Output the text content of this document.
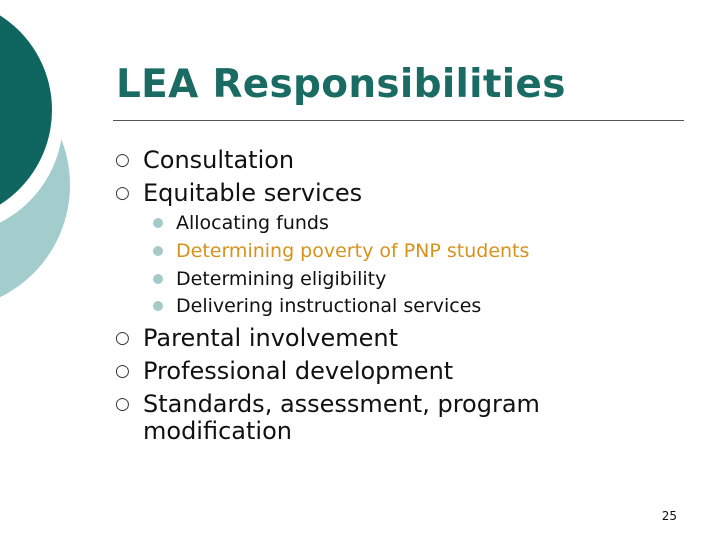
LEA Responsibilities
○ Consultation
○ Equitable services
Allocating funds
Determining poverty of PNP students
Determining eligibility
Delivering instructional services
○ Parental involvement
○ Professional development
○ Standards, assessment, program modification
25
